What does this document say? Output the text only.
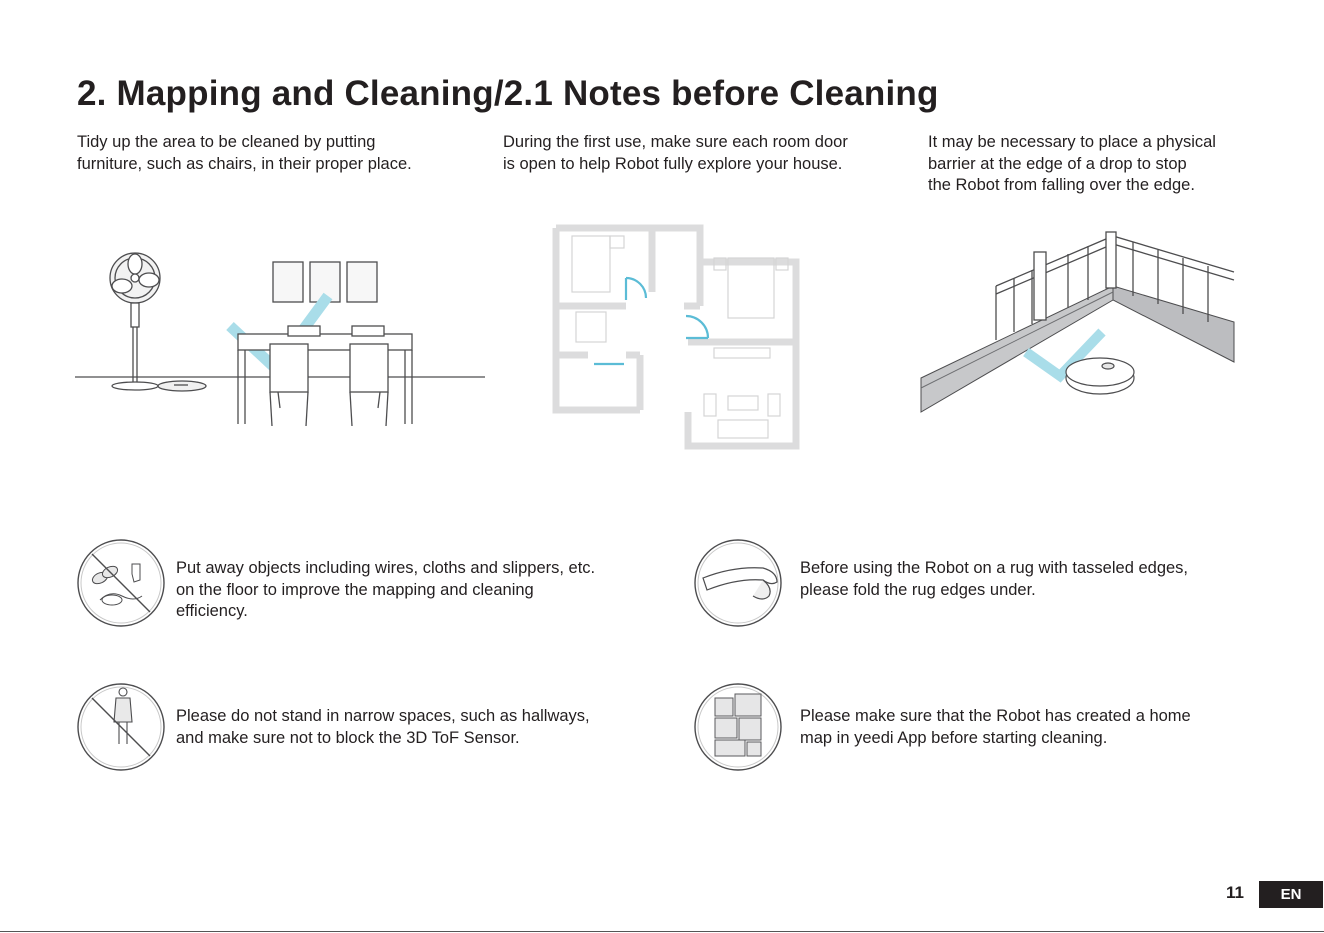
2. Mapping and Cleaning/2.1 Notes before Cleaning
Tidy up the area to be cleaned by putting
furniture, such as chairs, in their proper place.
During the first use, make sure each room door
is open to help Robot fully explore your house.
It may be necessary to place a physical
barrier at the edge of a drop to stop
the Robot from falling over the edge.
Put away objects including wires, cloths and slippers, etc.
on the floor to improve the mapping and cleaning
efficiency.
Before using the Robot on a rug with tasseled edges,
please fold the rug edges under.
Please do not stand in narrow spaces, such as hallways,
and make sure not to block the 3D ToF Sensor.
Please make sure that the Robot has created a home
map in yeedi App before starting cleaning.
11	EN
